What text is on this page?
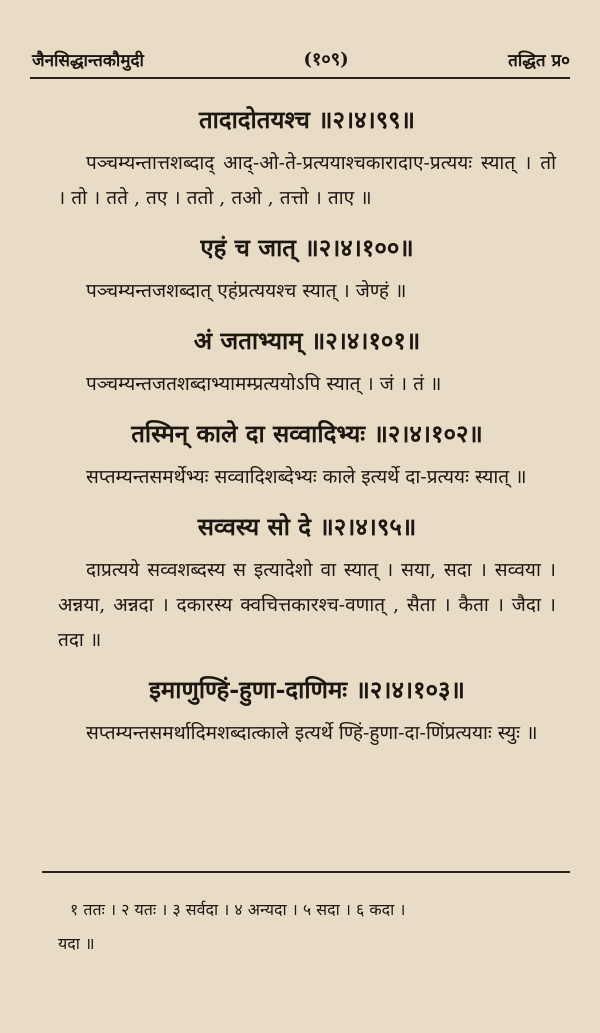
जैनसिद्धान्तकौमुदी	(१०९)	तद्धित प्र०
तादादोतयश्च ॥२।४।९९॥
पञ्चम्यन्तात्तशब्दाद् आद्-ओ-ते-प्रत्ययाश्चकारादाए-प्रत्ययः स्यात् । तो । तो । तते , तए । ततो , तओ , तत्तो । ताए ॥
एहं च जात् ॥२।४।१००॥
पञ्चम्यन्तजशब्दात् एहंप्रत्ययश्च स्यात् । जेण्हं ॥
अं जताभ्याम् ॥२।४।१०१॥
पञ्चम्यन्तजतशब्दाभ्यामम्प्रत्ययोऽपि स्यात् । जं । तं ॥
तस्मिन् काले दा सव्वादिभ्यः ॥२।४।१०२॥
सप्तम्यन्तसमर्थेभ्यः सव्वादिशब्देभ्यः काले इत्यर्थे दा-प्रत्ययः स्यात् ॥
सव्वस्य सो दे ॥२।४।९५॥
दाप्रत्यये सव्वशब्दस्य स इत्यादेशो वा स्यात् । सया, सदा । सव्वया । अन्नया, अन्नदा । दकारस्य क्वचित्तकारश्च-वणात् , सैता । कैता । जैदा । तदा ॥
इमाणुण्हिं-हुणा-दाणिमः ॥२।४।१०३॥
सप्तम्यन्तसमर्थादिमशब्दात्काले इत्यर्थे ण्हिं-हुणा-दा-णिंप्रत्ययाः स्युः ॥
१ ततः । २ यतः । ३ सर्वदा । ४ अन्यदा । ५ सदा । ६ कदा ।
यदा ॥
